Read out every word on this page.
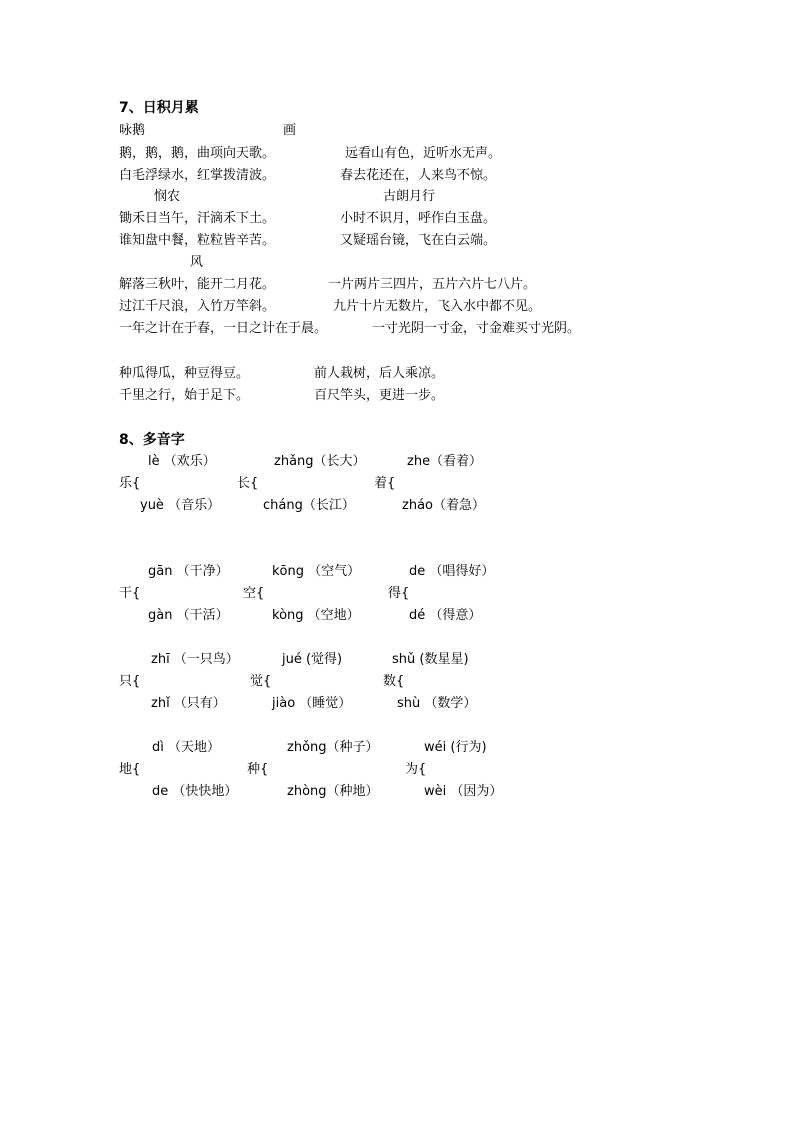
7、日积月累
咏鹅	画
鹅，鹅，鹅，曲项向天歌。	远看山有色，近听水无声。
白毛浮绿水，红掌拨清波。	春去花还在，人来鸟不惊。
悯农	古朗月行
锄禾日当午，汗滴禾下土。	小时不识月，呼作白玉盘。
谁知盘中餐，粒粒皆辛苦。	又疑瑶台镜，飞在白云端。
风
解落三秋叶，能开二月花。	一片两片三四片，五片六片七八片。
过江千尺浪，入竹万竿斜。	九片十片无数片，飞入水中都不见。
一年之计在于春，一日之计在于晨。	一寸光阴一寸金，寸金难买寸光阴。
种瓜得瓜，种豆得豆。	前人栽树，后人乘凉。
千里之行，始于足下。	百尺竿头，更进一步。
8、多音字
lè （欢乐）	zhǎng（长大）	zhe（看着）
乐{	长{	着{
yuè （音乐）	cháng（长江）	zháo（着急）
gān （干净）	kōng （空气）	de （唱得好）
干{	空{	得{
gàn （干活）	kòng （空地）	dé （得意）
zhī （一只鸟）	jué (觉得)	shǔ (数星星)
只{	觉{	数{
zhǐ （只有）	jiào （睡觉）	shù （数学）
dì （天地）	zhǒng（种子）	wéi (行为)
地{	种{	为{
de （快快地）	zhòng（种地）	wèi （因为）
